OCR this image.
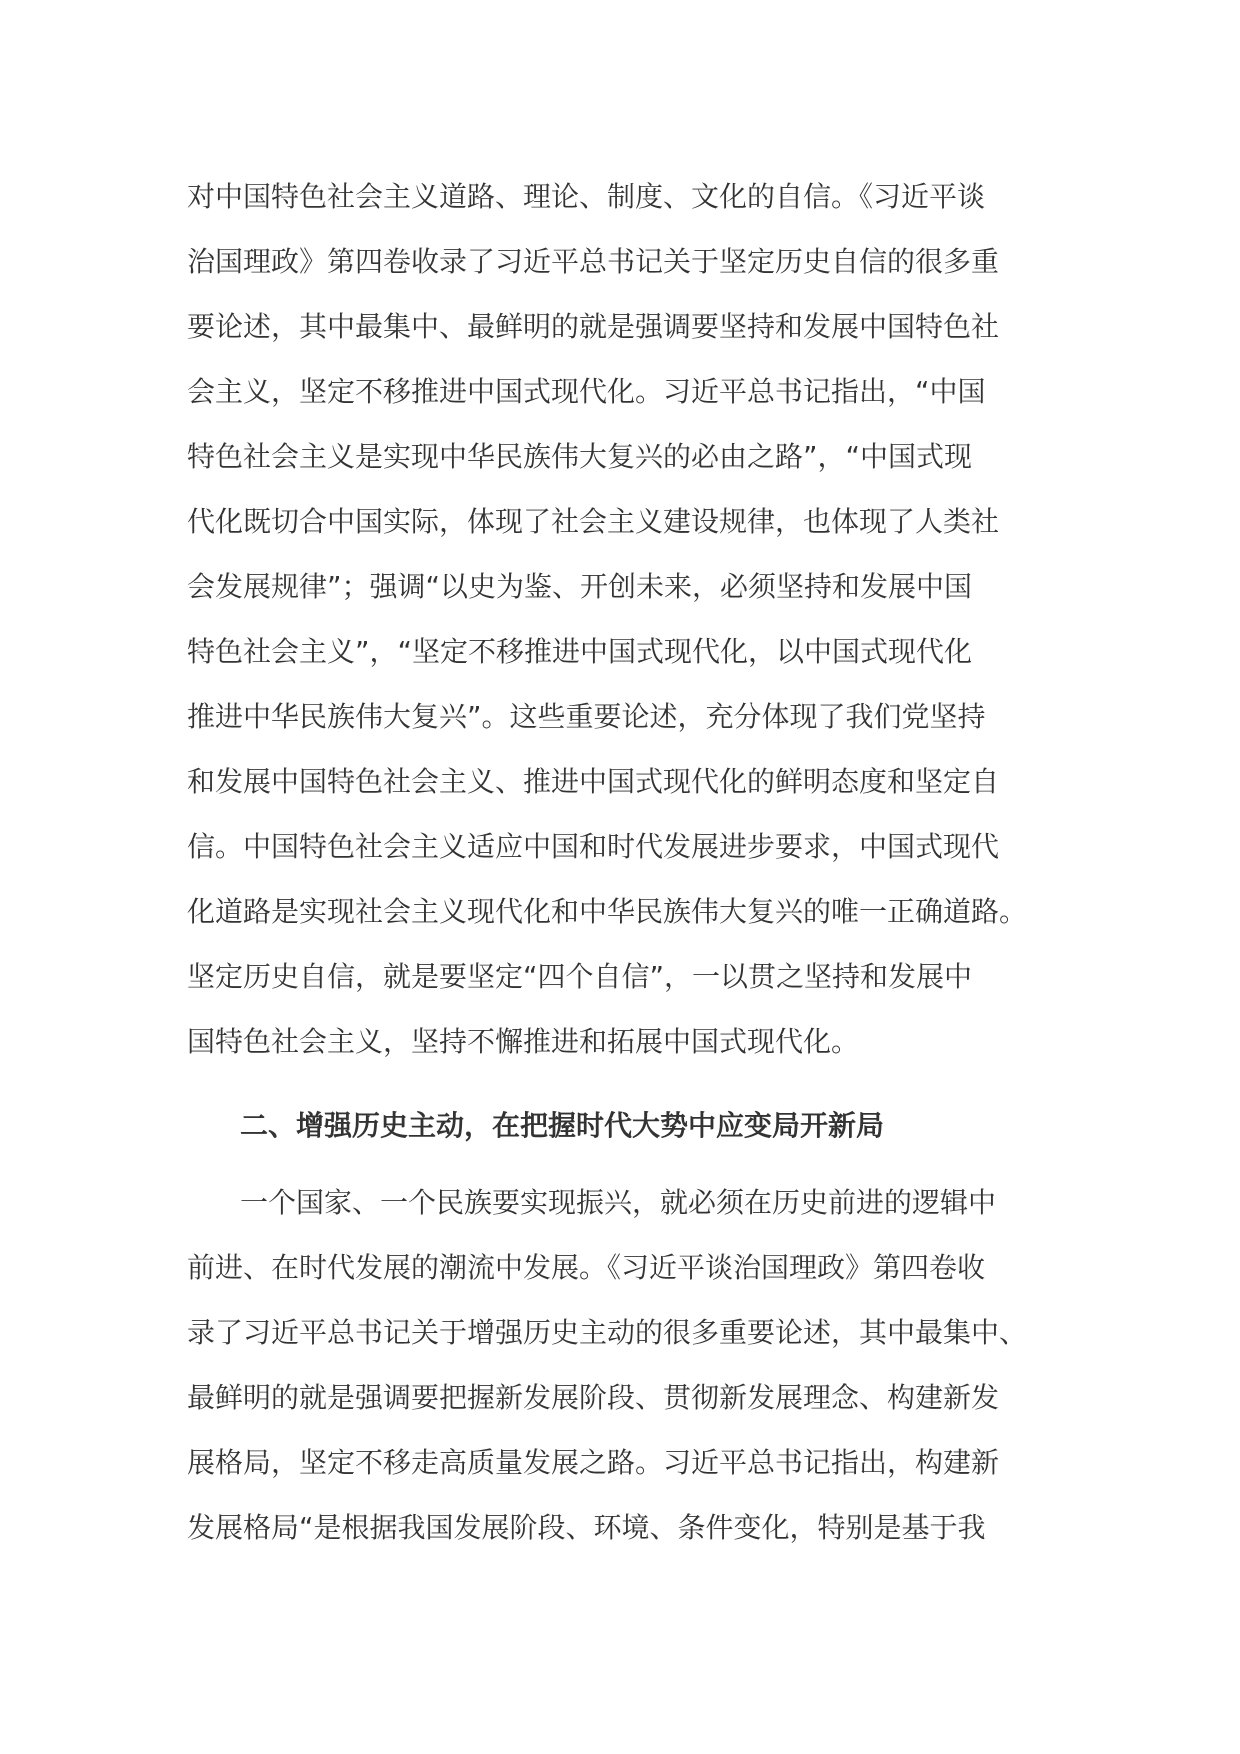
对中国特色社会主义道路、理论、制度、文化的自信。《习近平谈
治国理政》第四卷收录了习近平总书记关于坚定历史自信的很多重
要论述，其中最集中、最鲜明的就是强调要坚持和发展中国特色社
会主义，坚定不移推进中国式现代化。习近平总书记指出，“中国
特色社会主义是实现中华民族伟大复兴的必由之路”，“中国式现
代化既切合中国实际，体现了社会主义建设规律，也体现了人类社
会发展规律”；强调“以史为鉴、开创未来，必须坚持和发展中国
特色社会主义”，“坚定不移推进中国式现代化，以中国式现代化
推进中华民族伟大复兴”。这些重要论述，充分体现了我们党坚持
和发展中国特色社会主义、推进中国式现代化的鲜明态度和坚定自
信。中国特色社会主义适应中国和时代发展进步要求，中国式现代
化道路是实现社会主义现代化和中华民族伟大复兴的唯一正确道路。
坚定历史自信，就是要坚定“四个自信”，一以贯之坚持和发展中
国特色社会主义，坚持不懈推进和拓展中国式现代化。
二、增强历史主动，在把握时代大势中应变局开新局
一个国家、一个民族要实现振兴，就必须在历史前进的逻辑中
前进、在时代发展的潮流中发展。《习近平谈治国理政》第四卷收
录了习近平总书记关于增强历史主动的很多重要论述，其中最集中、
最鲜明的就是强调要把握新发展阶段、贯彻新发展理念、构建新发
展格局，坚定不移走高质量发展之路。习近平总书记指出，构建新
发展格局“是根据我国发展阶段、环境、条件变化，特别是基于我
